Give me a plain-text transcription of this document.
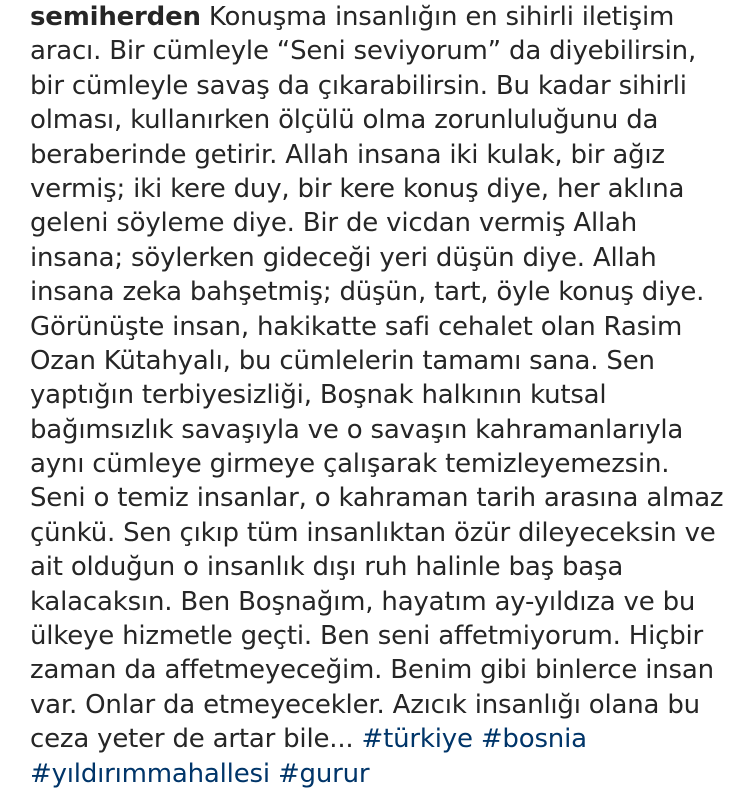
semiherden Konuşma insanlığın en sihirli iletişim
aracı. Bir cümleyle “Seni seviyorum” da diyebilirsin,
bir cümleyle savaş da çıkarabilirsin. Bu kadar sihirli
olması, kullanırken ölçülü olma zorunluluğunu da
beraberinde getirir. Allah insana iki kulak, bir ağız
vermiş; iki kere duy, bir kere konuş diye, her aklına
geleni söyleme diye. Bir de vicdan vermiş Allah
insana; söylerken gideceği yeri düşün diye. Allah
insana zeka bahşetmiş; düşün, tart, öyle konuş diye.
Görünüşte insan, hakikatte safi cehalet olan Rasim
Ozan Kütahyalı, bu cümlelerin tamamı sana. Sen
yaptığın terbiyesizliği, Boşnak halkının kutsal
bağımsızlık savaşıyla ve o savaşın kahramanlarıyla
aynı cümleye girmeye çalışarak temizleyemezsin.
Seni o temiz insanlar, o kahraman tarih arasına almaz
çünkü. Sen çıkıp tüm insanlıktan özür dileyeceksin ve
ait olduğun o insanlık dışı ruh halinle baş başa
kalacaksın. Ben Boşnağım, hayatım ay-yıldıza ve bu
ülkeye hizmetle geçti. Ben seni affetmiyorum. Hiçbir
zaman da affetmeyeceğim. Benim gibi binlerce insan
var. Onlar da etmeyecekler. Azıcık insanlığı olana bu
ceza yeter de artar bile... #türkiye #bosnia
#yıldırımmahallesi #gurur
